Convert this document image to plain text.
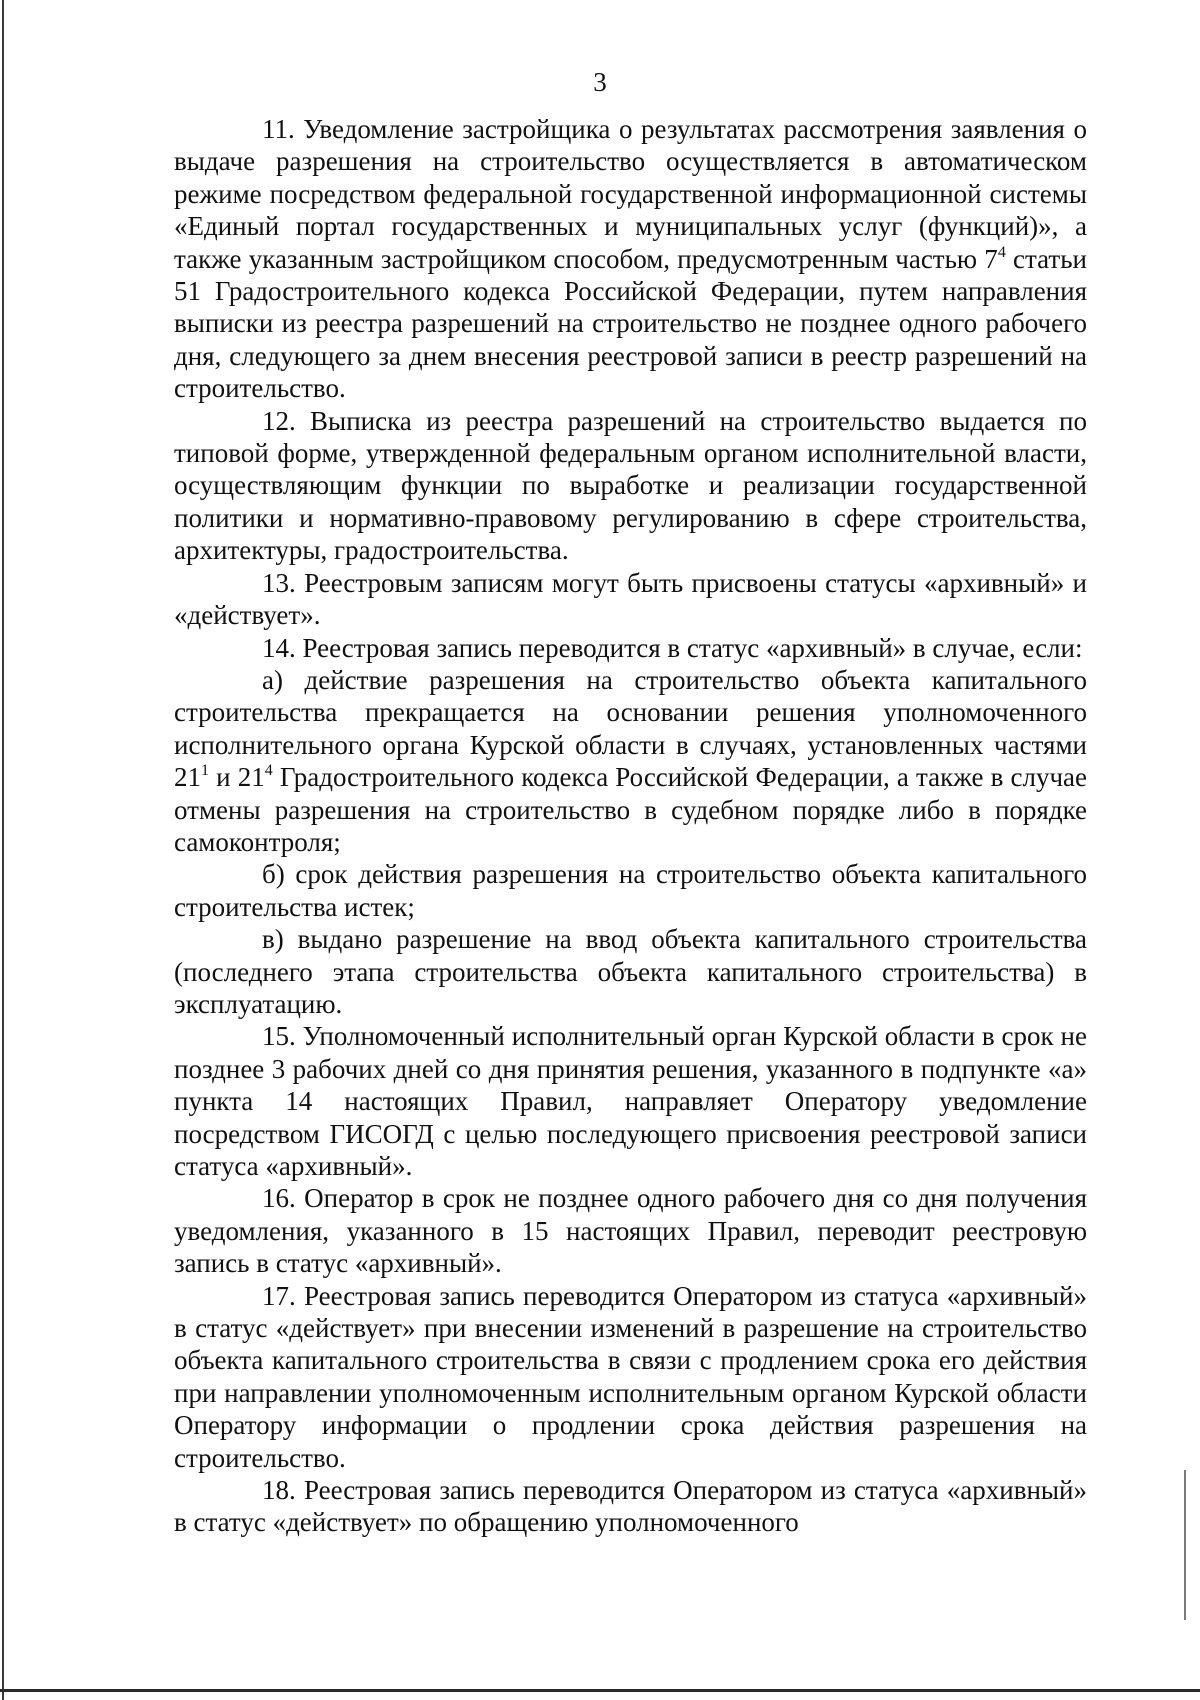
3

11. Уведомление застройщика о результатах рассмотрения заявления о выдаче разрешения на строительство осуществляется в автоматическом режиме посредством федеральной государственной информационной системы «Единый портал государственных и муниципальных услуг (функций)», а также указанным застройщиком способом, предусмотренным частью $7^4$ статьи 51 Градостроительного кодекса Российской Федерации, путем направления выписки из реестра разрешений на строительство не позднее одного рабочего дня, следующего за днем внесения реестровой записи в реестр разрешений на строительство.

12. Выписка из реестра разрешений на строительство выдается по типовой форме, утвержденной федеральным органом исполнительной власти, осуществляющим функции по выработке и реализации государственной политики и нормативно-правовому регулированию в сфере строительства, архитектуры, градостроительства.

13. Реестровым записям могут быть присвоены статусы «архивный» и «действует».

14. Реестровая запись переводится в статус «архивный» в случае, если:

а) действие разрешения на строительство объекта капитального строительства прекращается на основании решения уполномоченного исполнительного органа Курской области в случаях, установленных частями $21^1$ и $21^4$ Градостроительного кодекса Российской Федерации, а также в случае отмены разрешения на строительство в судебном порядке либо в порядке самоконтроля;

б) срок действия разрешения на строительство объекта капитального строительства истек;

в) выдано разрешение на ввод объекта капитального строительства (последнего этапа строительства объекта капитального строительства) в эксплуатацию.

15. Уполномоченный исполнительный орган Курской области в срок не позднее 3 рабочих дней со дня принятия решения, указанного в подпункте «а» пункта 14 настоящих Правил, направляет Оператору уведомление посредством ГИСОГД с целью последующего присвоения реестровой записи статуса «архивный».

16. Оператор в срок не позднее одного рабочего дня со дня получения уведомления, указанного в 15 настоящих Правил, переводит реестровую запись в статус «архивный».

17. Реестровая запись переводится Оператором из статуса «архивный» в статус «действует» при внесении изменений в разрешение на строительство объекта капитального строительства в связи с продлением срока его действия при направлении уполномоченным исполнительным органом Курской области Оператору информации о продлении срока действия разрешения на строительство.

18. Реестровая запись переводится Оператором из статуса «архивный» в статус «действует» по обращению уполномоченного
